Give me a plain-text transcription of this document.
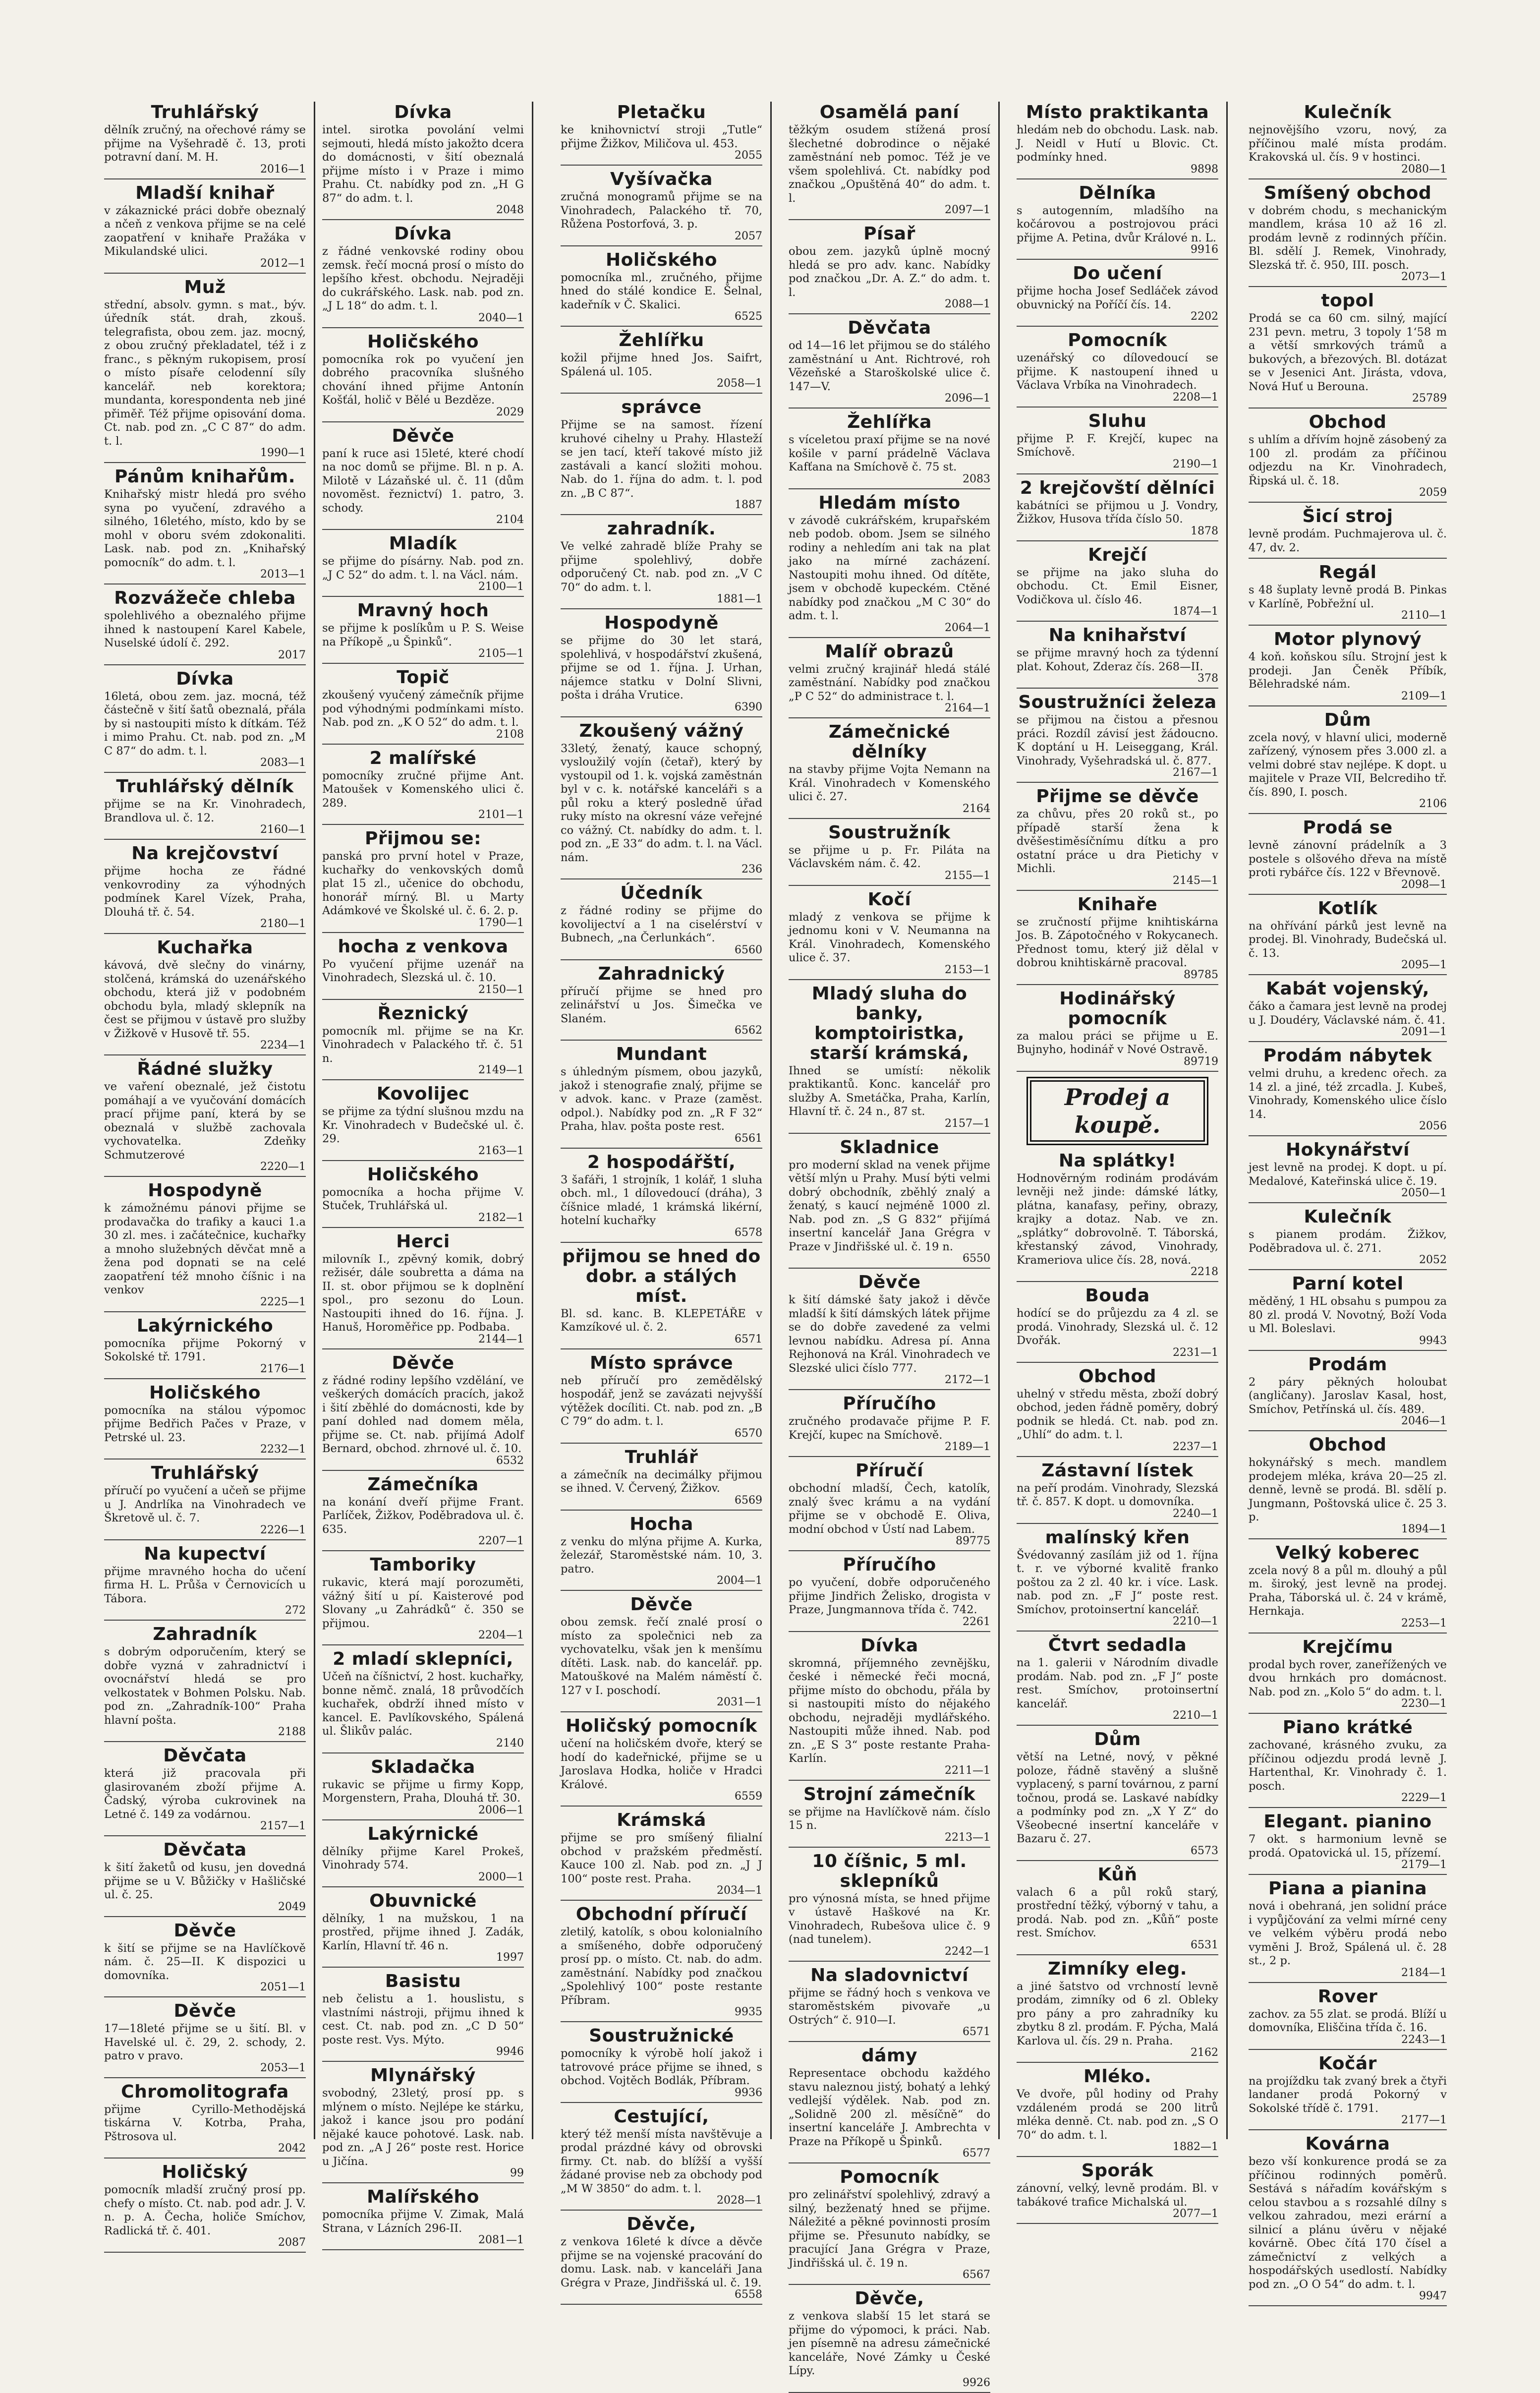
Truhlářský
dělník zručný, na ořechové rámy se přijme na Vyšehradě č. 13, proti potravní daní. M. H.
2016—1
Mladší knihař
v zákaznické práci dobře obeznalý a nčeň z venkova přijme se na celé zaopatření v knihaře Pražáka v Mikulandské ulici.
2012—1
Muž
střední, absolv. gymn. s mat., býv. úředník stát. drah, zkouš. telegrafista, obou zem. jaz. mocný, z obou zručný překladatel, též i z franc., s pěkným rukopisem, prosí o místo písaře celodenní síly kancelář. neb korektora; mundanta, korespondenta neb jiné přiměř. Též přijme opisování doma. Ct. nab. pod zn. „C C 87“ do adm. t. l.
1990—1
Pánům knihařům.
Knihařský mistr hledá pro svého syna po vyučení, zdravého a silného, 16letého, místo, kdo by se mohl v oboru svém zdokonaliti. Lask. nab. pod zn. „Knihařský pomocník“ do adm. t. l.
2013—1
Rozvážeče chleba
spolehlivého a obeznalého přijme ihned k nastoupení Karel Kabele, Nuselské údolí č. 292.
2017
Dívka
16letá, obou zem. jaz. mocná, též částečně v šití šatů obeznalá, přála by si nastoupiti místo k dítkám. Též i mimo Prahu. Ct. nab. pod zn. „M C 87“ do adm. t. l.
2083—1
Truhlářský dělník
přijme se na Kr. Vinohradech, Brandlova ul. č. 12.
2160—1
Na krejčovství
přijme hocha ze řádné venkovrodiny za výhodných podmínek Karel Vízek, Praha, Dlouhá tř. č. 54.
2180—1
Kuchařka
kávová, dvě slečny do vinárny, stolčená, krámská do uzenářského obchodu, která již v podobném obchodu byla, mladý sklepník na čest se přijmou v ústavě pro služby v Žižkově v Husově tř. 55.
2234—1
Řádné služky
ve vaření obeznalé, jež čistotu pomáhají a ve vyučování domácích prací přijme paní, která by se obeznalá v službě zachovala vychovatelka. Zdeňky Schmutzerové
2220—1
Hospodyně
k zámožnému pánovi přijme se prodavačka do trafiky a kauci 1.a 30 zl. mes. i začátečnice, kuchařky a mnoho služebných děvčat mně a žena pod dopnati se na celé zaopatření též mnoho číšnic i na venkov
2225—1
Lakýrnického
pomocníka přijme Pokorný v Sokolské tř. 1791.
2176—1
Holičského
pomocníka na stálou výpomoc přijme Bedřich Pačes v Praze, v Petrské ul. 23.
2232—1
Truhlářský
příručí po vyučení a učeň se přijme u J. Andrlíka na Vinohradech ve Škretově ul. č. 7.
2226—1
Na kupectví
přijme mravného hocha do učení firma H. L. Průša v Černovicích u Tábora.
272
Zahradník
s dobrým odporučením, který se dobře vyzná v zahradnictví i ovocnářství hledá se pro velkostatek v Bohmen Polsku. Nab. pod zn. „Zahradník-100“ Praha hlavní pošta.
2188
Děvčata
která již pracovala při glasirovaném zboží přijme A. Čadský, výroba cukrovinek na Letné č. 149 za vodárnou.
2157—1
Děvčata
k šití žaketů od kusu, jen dovedná přijme se u V. Bůžičky v Hašličské ul. č. 25.
2049
Děvče
k šití se přijme se na Havlíčkově nám. č. 25—II. K dispozici u domovníka.
2051—1
Děvče
17—18leté přijme se u šití. Bl. v Havelské ul. č. 29, 2. schody, 2. patro v pravo.
2053—1
Chromolitografa
přijme Cyrillo-Methodějská tiskárna V. Kotrba, Praha, Pštrosova ul.
2042
Holičský
pomocník mladší zručný prosí pp. chefy o místo. Ct. nab. pod adr. J. V. n. p. A. Čecha, holiče Smíchov, Radlická tř. č. 401.
2087
Dívka
intel. sirotka povolání velmi sejmouti, hledá místo jakožto dcera do domácnosti, v šití obeznalá přijme místo i v Praze i mimo Prahu. Ct. nabídky pod zn. „H G 87“ do adm. t. l.
2048
Dívka
z řádné venkovské rodiny obou zemsk. řečí mocná prosí o místo do lepšího křest. obchodu. Nejraději do cukrářského. Lask. nab. pod zn. „J L 18“ do adm. t. l.
2040—1
Holičského
pomocníka rok po vyučení jen dobrého pracovníka slušného chování ihned přijme Antonín Košťál, holič v Bělé u Bezděze.
2029
Děvče
paní k ruce asi 15leté, které chodí na noc domů se přijme. Bl. n p. A. Milotě v Lázaňské ul. č. 11 (dům novoměst. řeznictví) 1. patro, 3. schody.
2104
Mladík
se přijme do písárny. Nab. pod zn. „J C 52“ do adm. t. l. na Václ. nám.
2100—1
Mravný hoch
se přijme k poslíkům u P. S. Weise na Příkopě „u Špinků“.
2105—1
Topič
zkoušený vyučený zámečník přijme pod výhodnými podmínkami místo. Nab. pod zn. „K O 52“ do adm. t. l.
2108
2 malířské
pomocníky zručné přijme Ant. Matoušek v Komenského ulici č. 289.
2101—1
Přijmou se:
panská pro první hotel v Praze, kuchařky do venkovských domů plat 15 zl., učenice do obchodu, honorář mírný. Bl. u Marty Adámkové ve Školské ul. č. 6. 2. p.
1790—1
hocha z venkova
Po vyučení přijme uzenář na Vinohradech, Slezská ul. č. 10.
2150—1
Řeznický
pomocník ml. přijme se na Kr. Vinohradech v Palackého tř. č. 51 n.
2149—1
Kovolijec
se přijme za týdní slušnou mzdu na Kr. Vinohradech v Budečské ul. č. 29.
2163—1
Holičského
pomocníka a hocha přijme V. Stuček, Truhlářská ul.
2182—1
Herci
milovník I., zpěvný komik, dobrý režisér, dále soubretta a dáma na II. st. obor přijmou se k doplnění spol., pro sezonu do Loun. Nastoupiti ihned do 16. října. J. Hanuš, Horoměřice pp. Podbaba.
2144—1
Děvče
z řádné rodiny lepšího vzdělání, ve veškerých domácích pracích, jakož i šití zběhlé do domácnosti, kde by paní dohled nad domem měla, přijme se. Ct. nab. přijímá Adolf Bernard, obchod. zhrnové ul. č. 10.
6532
Zámečníka
na konání dveří přijme Frant. Parlíček, Žižkov, Poděbradova ul. č. 635.
2207—1
Tamboriky
rukavic, která mají porozuměti, vážný šití u pí. Kaisterové pod Slovany „u Zahrádků“ č. 350 se přijmou.
2204—1
2 mladí sklepníci,
Učeň na číšnictví, 2 host. kuchařky, bonne němč. znalá, 18 průvodčích kuchařek, obdrží ihned místo v kancel. E. Pavlíkovského, Spálená ul. Šlikův palác.
2140
Skladačka
rukavic se přijme u firmy Kopp, Morgenstern, Praha, Dlouhá tř. 30.
2006—1
Lakýrnické
dělníky přijme Karel Prokeš, Vinohrady 574.
2000—1
Obuvnické
dělníky, 1 na mužskou, 1 na prostřed, přijme ihned J. Zadák, Karlín, Hlavní tř. 46 n.
1997
Basistu
neb čelistu a 1. houslistu, s vlastními nástroji, přijmu ihned k cest. Ct. nab. pod zn. „C D 50“ poste rest. Vys. Mýto.
9946
Mlynářský
svobodný, 23letý, prosí pp. s mlýnem o místo. Nejlépe ke stárku, jakož i kance jsou pro podání nějaké kauce pohotové. Lask. nab. pod zn. „A J 26“ poste rest. Horice u Jičína.
99
Malířského
pomocníka přijme V. Zimak, Malá Strana, v Lázních 296-II.
2081—1
Pletačku
ke knihovnictví stroji „Tutle“ přijme Žižkov, Miličova ul. 453.
2055
Vyšívačka
zručná monogramů přijme se na Vinohradech, Palackého tř. 70, Růžena Postorfová, 3. p.
2057
Holičského
pomocníka ml., zručného, přijme hned do stálé kondice E. Šelnal, kadeřník v Č. Skalici.
6525
Žehlířku
kožil přijme hned Jos. Saifrt, Spálená ul. 105.
2058—1
správce
Přijme se na samost. řízení kruhové cihelny u Prahy. Hlasteží se jen tací, kteří takové místo již zastávali a kancí složiti mohou. Nab. do 1. října do adm. t. l. pod zn. „B C 87“.
1887
zahradník.
Ve velké zahradě blíže Prahy se přijme spolehlivý, dobře odporučený Ct. nab. pod zn. „V C 70“ do adm. t. l.
1881—1
Hospodyně
se přijme do 30 let stará, spolehlivá, v hospodářství zkušená, přijme se od 1. října. J. Urhan, nájemce statku v Dolní Slivni, pošta i dráha Vrutice.
6390
Zkoušený vážný
33letý, ženatý, kauce schopný, vysloužilý vojín (četař), který by vystoupil od 1. k. vojská zaměstnán byl v c. k. notářské kanceláři s a půl roku a který posledně úřad ruky místo na okresní váze veřejné co vážný. Ct. nabídky do adm. t. l. pod zn. „E 33“ do adm. t. l. na Václ. nám.
236
Účedník
z řádné rodiny se přijme do kovolijectví a 1 na ciselérství v Bubnech, „na Čerlunkách“.
6560
Zahradnický
příručí přijme se hned pro zelinářství u Jos. Šimečka ve Slaném.
6562
Mundant
s úhledným písmem, obou jazyků, jakož i stenografie znalý, přijme se v advok. kanc. v Praze (zaměst. odpol.). Nabídky pod zn. „R F 32“ Praha, hlav. pošta poste rest.
6561
2 hospodářští,
3 šafáři, 1 strojník, 1 kolář, 1 sluha obch. ml., 1 dílovedoucí (dráha), 3 číšnice mladé, 1 krámská likérní, hotelní kuchařky
6578
přijmou se hned do dobr. a stálých míst.
Bl. sd. kanc. B. KLEPETÁŘE v Kamzíkové ul. č. 2.
6571
Místo správce
neb příručí pro zemědělský hospodář, jenž se zavázati nejvyšší výtěžek docíliti. Ct. nab. pod zn. „B C 79“ do adm. t. l.
6570
Truhlář
a zámečník na decimálky přijmou se ihned. V. Červený, Žižkov.
6569
Hocha
z venku do mlýna přijme A. Kurka, železář, Staroměstské nám. 10, 3. patro.
2004—1
Děvče
obou zemsk. řečí znalé prosí o místo za společnici neb za vychovatelku, však jen k menšímu dítěti. Lask. nab. do kancelář. pp. Matouškové na Malém náměstí č. 127 v I. poschodí.
2031—1
Holičský pomocník
učení na holičském dvoře, který se hodí do kadeřnické, přijme se u Jaroslava Hodka, holiče v Hradci Králové.
6559
Krámská
přijme se pro smíšený filialní obchod v pražském předměstí. Kauce 100 zl. Nab. pod zn. „J J 100“ poste rest. Praha.
2034—1
Obchodní příručí
zletilý, katolík, s obou kolonialního a smíšeného, dobře odporučený prosí pp. o místo. Ct. nab. do adm. zaměstnání. Nabídky pod značkou „Spolehlivý 100“ poste restante Příbram.
9935
Soustružnické
pomocníky k výrobě holí jakož i tatrovové práce přijme se ihned, s obchod. Vojtěch Bodlák, Příbram.
9936
Cestující,
který též menší místa navštěvuje a prodal prázdné kávy od obrovski firmy. Ct. nab. do blížší a vyšší žádané provise neb za obchody pod „M W 3850“ do adm. t. l.
2028—1
Děvče,
z venkova 16leté k dívce a děvče přijme se na vojenské pracování do domu. Lask. nab. v kanceláři Jana Grégra v Praze, Jindřišská ul. č. 19.
6558
Osamělá paní
těžkým osudem stížená prosí šlechetné dobrodince o nějaké zaměstnání neb pomoc. Též je ve všem spolehlivá. Ct. nabídky pod značkou „Opuštěná 40“ do adm. t. l.
2097—1
Písař
obou zem. jazyků úplně mocný hledá se pro adv. kanc. Nabídky pod značkou „Dr. A. Z.“ do adm. t. l.
2088—1
Děvčata
od 14—16 let přijmou se do stálého zaměstnání u Ant. Richtrové, roh Vězeňské a Staroškolské ulice č. 147—V.
2096—1
Žehlířka
s víceletou praxí přijme se na nové košile v parní prádelně Václava Kafťana na Smíchově č. 75 st.
2083
Hledám místo
v závodě cukrářském, krupařském neb podob. obom. Jsem se silného rodiny a nehledím ani tak na plat jako na mírné zacházení. Nastoupiti mohu ihned. Od dítěte, jsem v obchodě kupeckém. Ctěné nabídky pod značkou „M C 30“ do adm. t. l.
2064—1
Malíř obrazů
velmi zručný krajinář hledá stálé zaměstnání. Nabídky pod značkou „P C 52“ do administrace t. l.
2164—1
Zámečnické dělníky
na stavby přijme Vojta Nemann na Král. Vinohradech v Komenského ulici č. 27.
2164
Soustružník
se přijme u p. Fr. Piláta na Václavském nám. č. 42.
2155—1
Kočí
mladý z venkova se přijme k jednomu koni v V. Neumanna na Král. Vinohradech, Komenského ulice č. 37.
2153—1
Mladý sluha do banky, komptoiristka, starší krámská,
Ihned se umístí: několik praktikantů. Konc. kancelář pro služby A. Smetáčka, Praha, Karlín, Hlavní tř. č. 24 n., 87 st.
2157—1
Skladnice
pro moderní sklad na venek přijme větší mlýn u Prahy. Musí býti velmi dobrý obchodník, zběhlý znalý a ženatý, s kaucí nejméně 1000 zl. Nab. pod zn. „S G 832“ přijímá insertní kancelář Jana Grégra v Praze v Jindřišské ul. č. 19 n.
6550
Děvče
k šití dámské šaty jakož i děvče mladší k šití dámských látek přijme se do dobře zavedené za velmi levnou nabídku. Adresa pí. Anna Rejhonová na Král. Vinohradech ve Slezské ulici číslo 777.
2172—1
Příručího
zručného prodavače přijme P. F. Krejčí, kupec na Smíchově.
2189—1
Příručí
obchodní mladší, Čech, katolík, znalý švec krámu a na vydání přijme se v obchodě E. Oliva, modní obchod v Ústí nad Labem.
89775
Příručího
po vyučení, dobře odporučeného přijme Jindřich Želisko, drogista v Praze, Jungmannova třída č. 742.
2261
Dívka
skromná, příjemného zevnějšku, české i německé řeči mocná, přijme místo do obchodu, přála by si nastoupiti místo do nějakého obchodu, nejraději mydlářského. Nastoupiti může ihned. Nab. pod zn. „E S 3“ poste restante Praha-Karlín.
2211—1
Strojní zámečník
se přijme na Havlíčkově nám. číslo 15 n.
2213—1
10 číšnic, 5 ml. sklepníků
pro výnosná místa, se hned přijme v ústavě Haškové na Kr. Vinohradech, Rubešova ulice č. 9 (nad tunelem).
2242—1
Na sladovnictví
přijme se řádný hoch s venkova ve staroměstském pivovaře „u Ostrých“ č. 910—I.
6571
dámy
Representace obchodu každého stavu naleznou jistý, bohatý a lehký vedlejší výdělek. Nab. pod zn. „Solidně 200 zl. měsíčně“ do insertní kanceláře J. Ambrechta v Praze na Příkopě u Špinků.
6577
Pomocník
pro zelinářství spolehlivý, zdravý a silný, bezženatý hned se přijme. Náležité a pěkné povinnosti prosím přijme se. Přesunuto nabídky, se pracující Jana Grégra v Praze, Jindřišská ul. č. 19 n.
6567
Děvče,
z venkova slabší 15 let stará se přijme do výpomoci, k práci. Nab. jen písemně na adresu zámečnické kanceláře, Nové Zámky u České Lípy.
9926
Místo praktikanta
hledám neb do obchodu. Lask. nab. J. Neidl v Hutí u Blovic. Ct. podmínky hned.
9898
Dělníka
s autogenním, mladšího na kočárovou a postrojovou práci přijme A. Petina, dvůr Králové n. L.
9916
Do učení
přijme hocha Josef Sedláček závod obuvnický na Poříčí čís. 14.
2202
Pomocník
uzenářský co dílovedoucí se přijme. K nastoupení ihned u Václava Vrbíka na Vinohradech.
2208—1
Sluhu
přijme P. F. Krejčí, kupec na Smíchově.
2190—1
2 krejčovští dělníci
kabátníci se přijmou u J. Vondry, Žižkov, Husova třída číslo 50.
1878
Krejčí
se přijme na jako sluha do obchodu. Ct. Emil Eisner, Vodičkova ul. číslo 46.
1874—1
Na knihařství
se přijme mravný hoch za týdenní plat. Kohout, Zderaz čís. 268—II.
378
Soustružníci železa
se přijmou na čistou a přesnou práci. Rozdíl závisí jest žádoucno. K doptání u H. Leiseggang, Král. Vinohrady, Vyšehradská ul. č. 877.
2167—1
Přijme se děvče
za chůvu, přes 20 roků st., po případě starší žena k dvěšestiměsíčnímu dítku a pro ostatní práce u dra Pietichy v Michli.
2145—1
Knihaře
se zručností přijme knihtiskárna Jos. B. Zápotočného v Rokycanech. Přednost tomu, který již dělal v dobrou knihtiskárně pracoval.
89785
Hodinářský pomocník
za malou práci se přijme u E. Bujnyho, hodinář v Nové Ostravě.
89719
Prodej a koupě.
Na splátky!
Hodnověrným rodinám prodávám levněji než jinde: dámské látky, plátna, kanafasy, peřiny, obrazy, krajky a dotaz. Nab. ve zn. „splátky“ dobrovolně. T. Táborská, křestanský závod, Vinohrady, Krameriova ulice čís. 28, nová.
2218
Bouda
hodící se do průjezdu za 4 zl. se prodá. Vinohrady, Slezská ul. č. 12 Dvořák.
2231—1
Obchod
uhelný v středu města, zboží dobrý obchod, jeden řádně poměry, dobrý podnik se hledá. Ct. nab. pod zn. „Uhlí“ do adm. t. l.
2237—1
Zástavní lístek
na peří prodám. Vinohrady, Slezská tř. č. 857. K dopt. u domovníka.
2240—1
malínský křen
Švédovanný zasílám již od 1. října t. r. ve výborné kvalitě franko poštou za 2 zl. 40 kr. i více. Lask. nab. pod zn. „F J“ poste rest. Smíchov, protoinsertní kancelář.
2210—1
Čtvrt sedadla
na 1. galerii v Národním divadle prodám. Nab. pod zn. „F J“ poste rest. Smíchov, protoinsertní kancelář.
2210—1
Dům
větší na Letné, nový, v pěkné poloze, řádně stavěný a slušně vyplacený, s parní továrnou, z parní točnou, prodá se. Laskavé nabídky a podmínky pod zn. „X Y Z“ do Všeobecné insertní kanceláře v Bazaru č. 27.
6573
Kůň
valach 6 a půl roků starý, prostřední těžký, výborný v tahu, a prodá. Nab. pod zn. „Kůň“ poste rest. Smíchov.
6531
Zimníky eleg.
a jiné šatstvo od vrchností levně prodám, zimníky od 6 zl. Obleky pro pány a pro zahradníky ku zbytku 8 zl. prodám. F. Pýcha, Malá Karlova ul. čís. 29 n. Praha.
2162
Mléko.
Ve dvoře, půl hodiny od Prahy vzdáleném prodá se 200 litrů mléka denně. Ct. nab. pod zn. „S O 70“ do adm. t. l.
1882—1
Sporák
zánovní, velký, levně prodám. Bl. v tabákové trafice Michalská ul.
2077—1
Kulečník
nejnovějšího vzoru, nový, za příčinou malé místa prodám. Krakovská ul. čís. 9 v hostinci.
2080—1
Smíšený obchod
v dobrém chodu, s mechanickým mandlem, krása 10 až 16 zl. prodám levně z rodinných příčin. Bl. sdělí J. Remek, Vinohrady, Slezská tř. č. 950, III. posch.
2073—1
topol
Prodá se ca 60 cm. silný, mající 231 pevn. metru, 3 topoly 1‘58 m a větší smrkových trámů a bukových, a březových. Bl. dotázat se v Jesenici Ant. Jirásta, vdova, Nová Huť u Berouna.
25789
Obchod
s uhlím a dřívím hojně zásobený za 100 zl. prodám za příčinou odjezdu na Kr. Vinohradech, Řipská ul. č. 18.
2059
Šicí stroj
levně prodám. Puchmajerova ul. č. 47, dv. 2.
Regál
s 48 šuplaty levně prodá B. Pinkas v Karlíně, Pobřežní ul.
2110—1
Motor plynový
4 koň. koňskou sílu. Strojní jest k prodeji. Jan Čeněk Příbík, Bělehradské nám.
2109—1
Dům
zcela nový, v hlavní ulici, moderně zařízený, výnosem přes 3.000 zl. a velmi dobré stav nejlépe. K dopt. u majitele v Praze VII, Belcrediho tř. čís. 890, I. posch.
2106
Prodá se
levně zánovní prádelník a 3 postele s olšového dřeva na místě proti rybářce čís. 122 v Břevnově.
2098—1
Kotlík
na ohřívání párků jest levně na prodej. Bl. Vinohrady, Budečská ul. č. 13.
2095—1
Kabát vojenský,
čáko a čamara jest levně na prodej u J. Doudéry, Václavské nám. č. 41.
2091—1
Prodám nábytek
velmi druhu, a kredenc ořech. za 14 zl. a jiné, též zrcadla. J. Kubeš, Vinohrady, Komenského ulice číslo 14.
2056
Hokynářství
jest levně na prodej. K dopt. u pí. Medalové, Kateřinská ulice č. 19.
2050—1
Kulečník
s pianem prodám. Žižkov, Poděbradova ul. č. 271.
2052
Parní kotel
měděný, 1 HL obsahu s pumpou za 80 zl. prodá V. Novotný, Boží Voda u Ml. Boleslavi.
9943
Prodám
2 páry pěkných holoubat (angličany). Jaroslav Kasal, host, Smíchov, Petřínská ul. čís. 489.
2046—1
Obchod
hokynářský s mech. mandlem prodejem mléka, kráva 20—25 zl. denně, levně se prodá. Bl. sdělí p. Jungmann, Poštovská ulice č. 25 3. p.
1894—1
Velký koberec
zcela nový 8 a půl m. dlouhý a půl m. široký, jest levně na prodej. Praha, Táborská ul. č. 24 v krámě, Hernkaja.
2253—1
Krejčímu
prodal bych rover, zaneřížených ve dvou hrnkách pro domácnost. Nab. pod zn. „Kolo 5“ do adm. t. l.
2230—1
Piano krátké
zachované, krásného zvuku, za příčinou odjezdu prodá levně J. Hartenthal, Kr. Vinohrady č. 1. posch.
2229—1
Elegant. pianino
7 okt. s harmonium levně se prodá. Opatovická ul. 15, přízemí.
2179—1
Piana a pianina
nová i obehraná, jen solidní práce i vypůjčování za velmi mírné ceny ve velkém výběru prodá nebo vyměni J. Brož, Spálená ul. č. 28 st., 2 p.
2184—1
Rover
zachov. za 55 zlat. se prodá. Blíží u domovníka, Eliščina třída č. 16.
2243—1
Kočár
na projíždku tak zvaný brek a čtyři landaner prodá Pokorný v Sokolské třídě č. 1791.
2177—1
Kovárna
bezo vší konkurence prodá se za příčinou rodinných poměrů. Sestává s nářadím kovářským s celou stavbou a s rozsahlé dílny s velkou zahradou, mezi erární a silnicí a plánu úvěru v nějaké kovárně. Obec čítá 170 čísel a zámečnictví z velkých a hospodářských usedlostí. Nabídky pod zn. „O O 54“ do adm. t. l.
9947
